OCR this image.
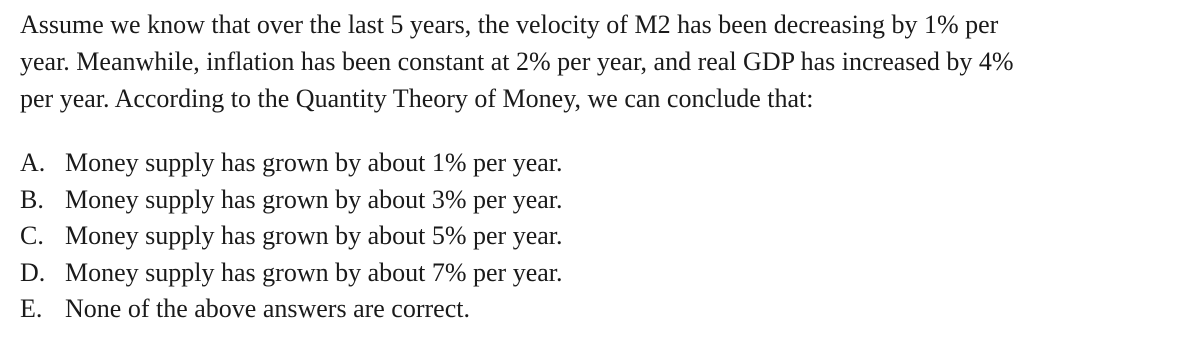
Assume we know that over the last 5 years, the velocity of M2 has been decreasing by 1% per
year. Meanwhile, inflation has been constant at 2% per year, and real GDP has increased by 4%
per year. According to the Quantity Theory of Money, we can conclude that:
A. Money supply has grown by about 1% per year.
B. Money supply has grown by about 3% per year.
C. Money supply has grown by about 5% per year.
D. Money supply has grown by about 7% per year.
E. None of the above answers are correct.
